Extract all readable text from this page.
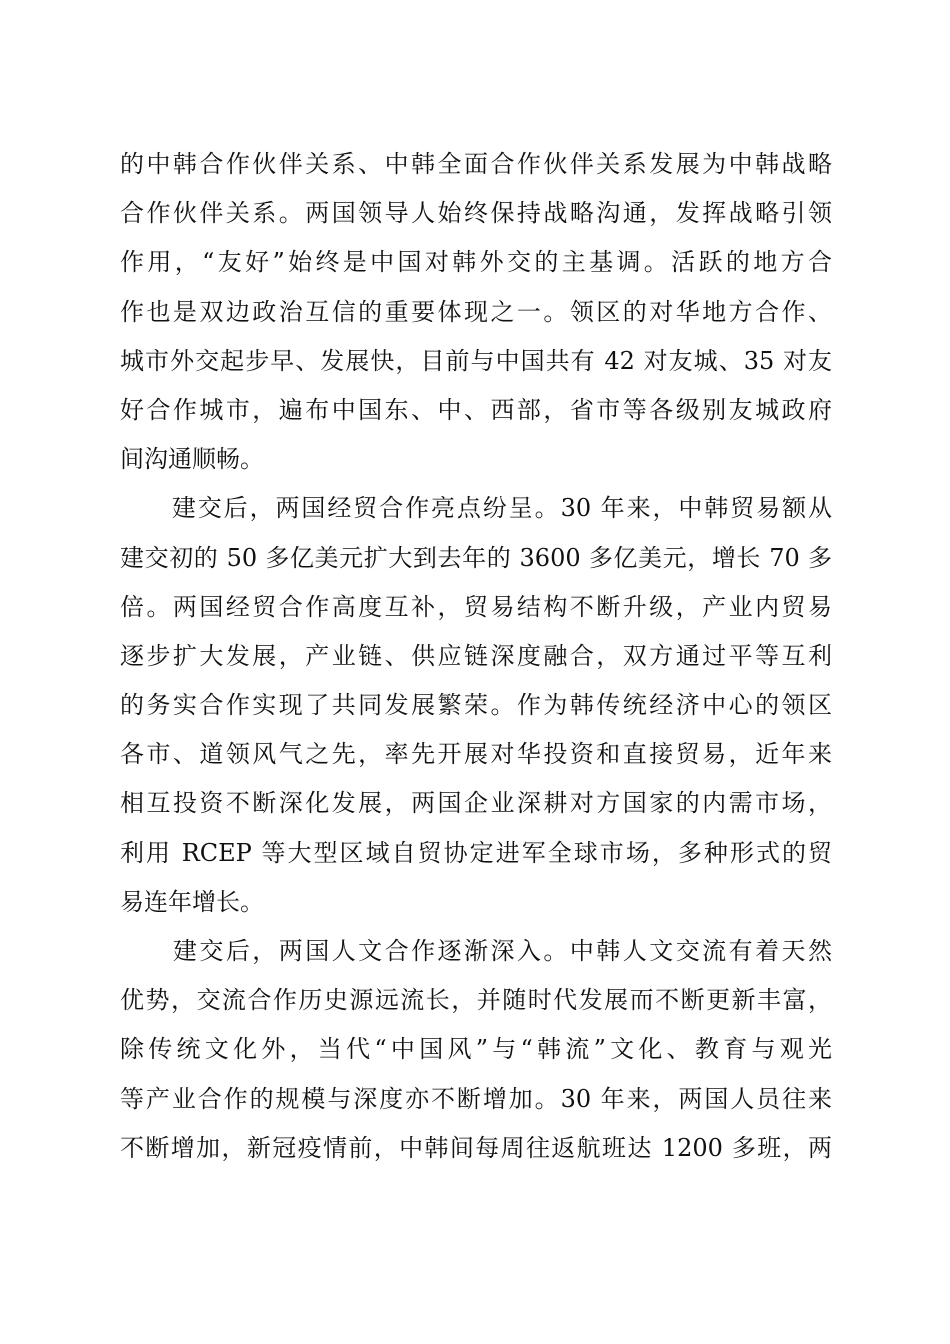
的中韩合作伙伴关系、中韩全面合作伙伴关系发展为中韩战略
合作伙伴关系。两国领导人始终保持战略沟通，发挥战略引领
作用，“友好”始终是中国对韩外交的主基调。活跃的地方合
作也是双边政治互信的重要体现之一。领区的对华地方合作、
城市外交起步早、发展快，目前与中国共有 42 对友城、35 对友
好合作城市，遍布中国东、中、西部，省市等各级别友城政府
间沟通顺畅。
　　建交后，两国经贸合作亮点纷呈。30 年来，中韩贸易额从
建交初的 50 多亿美元扩大到去年的 3600 多亿美元，增长 70 多
倍。两国经贸合作高度互补，贸易结构不断升级，产业内贸易
逐步扩大发展，产业链、供应链深度融合，双方通过平等互利
的务实合作实现了共同发展繁荣。作为韩传统经济中心的领区
各市、道领风气之先，率先开展对华投资和直接贸易，近年来
相互投资不断深化发展，两国企业深耕对方国家的内需市场，
利用 RCEP 等大型区域自贸协定进军全球市场，多种形式的贸
易连年增长。
　　建交后，两国人文合作逐渐深入。中韩人文交流有着天然
优势，交流合作历史源远流长，并随时代发展而不断更新丰富，
除传统文化外，当代“中国风”与“韩流”文化、教育与观光
等产业合作的规模与深度亦不断增加。30 年来，两国人员往来
不断增加，新冠疫情前，中韩间每周往返航班达 1200 多班，两
